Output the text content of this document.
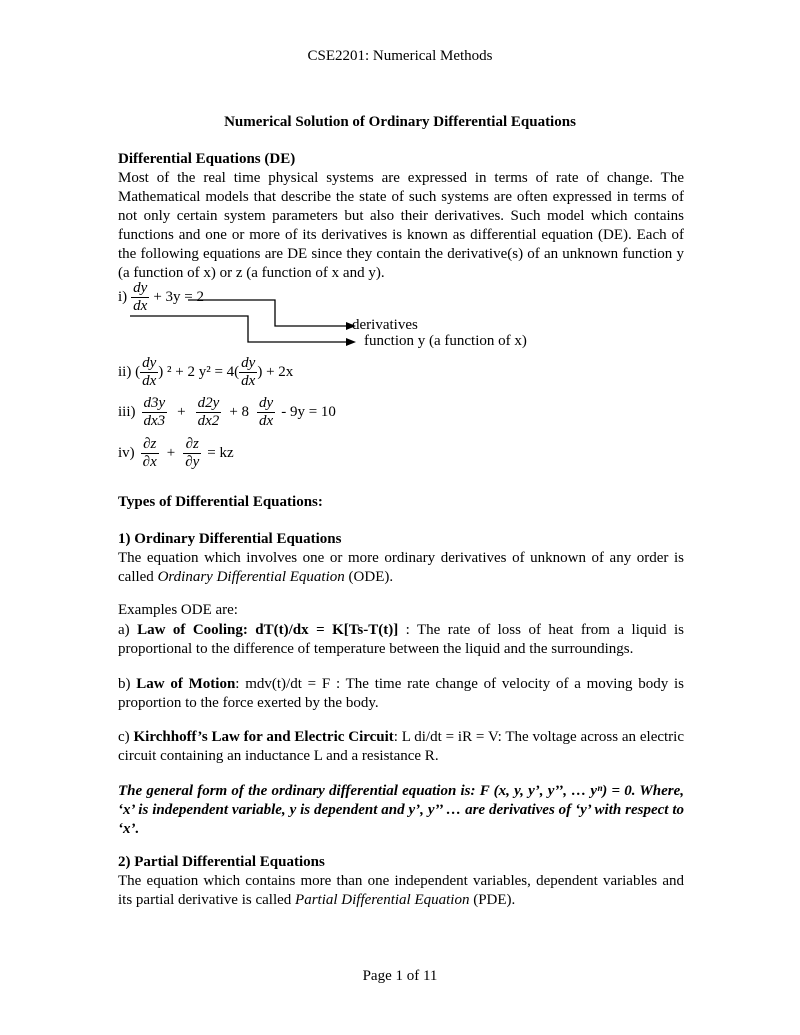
CSE2201: Numerical Methods
Numerical Solution of Ordinary Differential Equations
Differential Equations (DE)
Most of the real time physical systems are expressed in terms of rate of change. The Mathematical models that describe the state of such systems are often expressed in terms of not only certain system parameters but also their derivatives. Such model which contains functions and one or more of its derivatives is known as differential equation (DE). Each of the following equations are DE since they contain the derivative(s) of an unknown function y (a function of x) or z (a function of x and y).
$i) \frac{dy}{dx} + 3y = 2$
derivatives
function y (a function of x)
ii) ( $\frac{dy}{dx}$ ) ² + 2 $y^2 = 4( \frac{dy}{dx}$ ) + 2x
$iii) \frac{d3y}{dx3} + \frac{d2y}{dx2} + 8 \frac{dy}{dx} - 9y = 10$
$iv) \frac{\partial z}{\partial x} + \frac{\partial z}{\partial y}$ = kz
Types of Differential Equations:
1) Ordinary Differential Equations
The equation which involves one or more ordinary derivatives of unknown of any order is called Ordinary Differential Equation (ODE).
Examples ODE are:
a) Law of Cooling: dT(t)/dx = K[Ts-T(t)] : The rate of loss of heat from a liquid is proportional to the difference of temperature between the liquid and the surroundings.
b) Law of Motion: mdv(t)/dt = F : The time rate change of velocity of a moving body is proportion to the force exerted by the body.
c) Kirchhoff’s Law for and Electric Circuit: L di/dt = iR = V: The voltage across an electric circuit containing an inductance L and a resistance R.
The general form of the ordinary differential equation is: F (x, y, y’, y’’, … yⁿ) = 0. Where, ‘x’ is independent variable, y is dependent and y’, y’’ … are derivatives of ‘y’ with respect to ‘x’.
2) Partial Differential Equations
The equation which contains more than one independent variables, dependent variables and its partial derivative is called Partial Differential Equation (PDE).
Page 1 of 11
